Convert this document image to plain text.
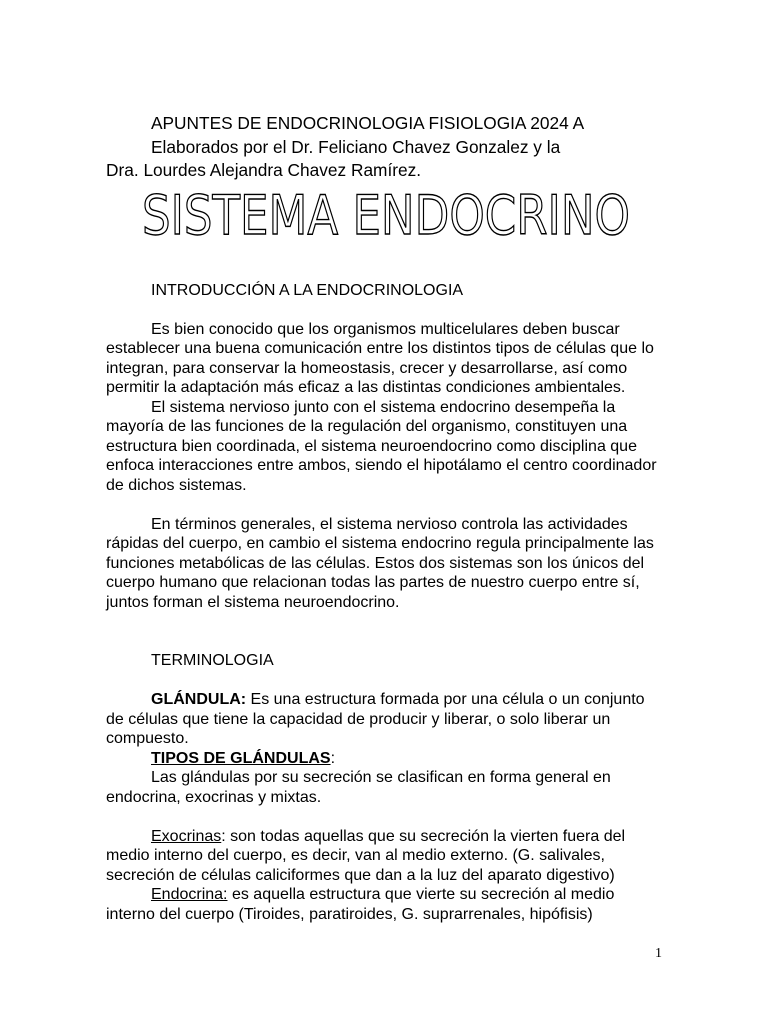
APUNTES DE ENDOCRINOLOGIA FISIOLOGIA 2024 A

Elaborados por el Dr. Feliciano Chavez Gonzalez y la

Dra. Lourdes Alejandra Chavez Ramírez.

INTRODUCCIÓN A LA ENDOCRINOLOGIA

Es bien conocido que los organismos multicelulares deben buscar establecer una buena comunicación entre los distintos tipos de células que lo integran, para conservar la homeostasis, crecer y desarrollarse, así como permitir la adaptación más eficaz a las distintas condiciones ambientales.

El sistema nervioso junto con el sistema endocrino desempeña la mayoría de las funciones de la regulación del organismo, constituyen una estructura bien coordinada, el sistema neuroendocrino como disciplina que enfoca interacciones entre ambos, siendo el hipotálamo el centro coordinador de dichos sistemas.

En términos generales, el sistema nervioso controla las actividades rápidas del cuerpo, en cambio el sistema endocrino regula principalmente las funciones metabólicas de las células. Estos dos sistemas son los únicos del cuerpo humano que relacionan todas las partes de nuestro cuerpo entre sí, juntos forman el sistema neuroendocrino.

TERMINOLOGIA

GLÁNDULA: Es una estructura formada por una célula o un conjunto de células que tiene la capacidad de producir y liberar, o solo liberar un compuesto.

TIPOS DE GLÁNDULAS:

Las glándulas por su secreción se clasifican en forma general en endocrina, exocrinas y mixtas.

Exocrinas: son todas aquellas que su secreción la vierten fuera del medio interno del cuerpo, es decir, van al medio externo. (G. salivales, secreción de células caliciformes que dan a la luz del aparato digestivo)

Endocrina: es aquella estructura que vierte su secreción al medio interno del cuerpo (Tiroides, paratiroides, G. suprarrenales, hipófisis)

SISTEMA ENDOCRINO
1
